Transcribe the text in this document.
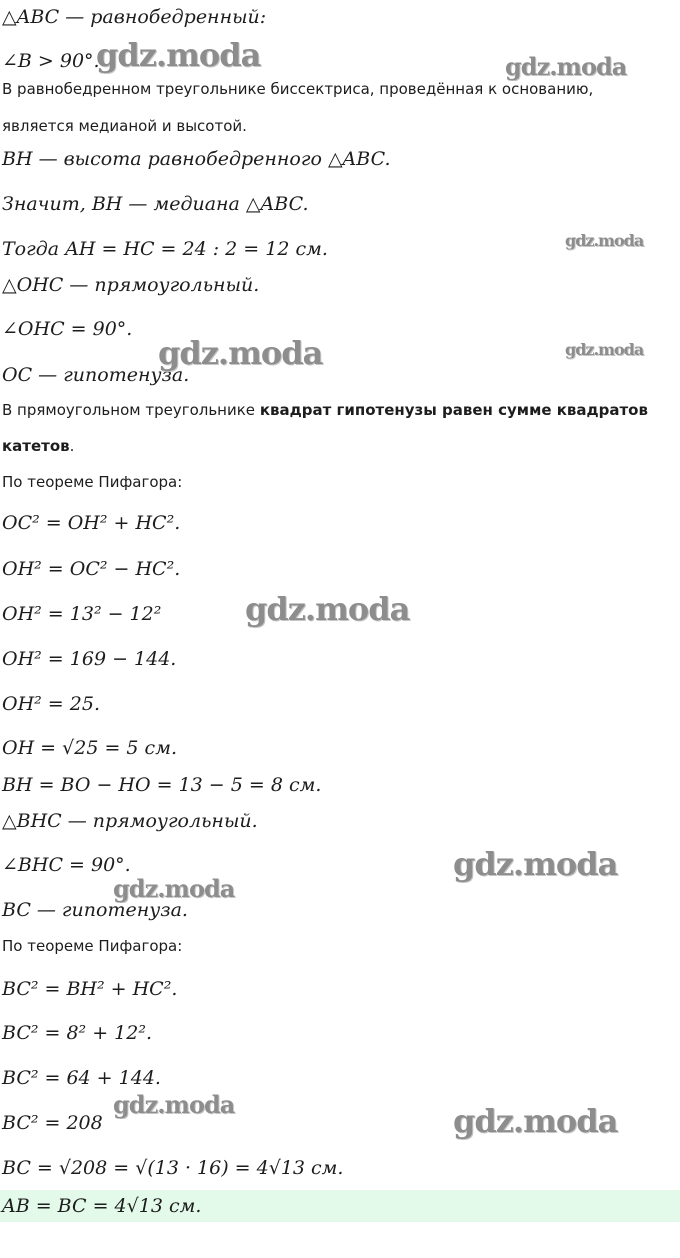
△ABC — равнобедренный:
∠B > 90°.
В равнобедренном треугольнике биссектриса, проведённая к основанию,
является медианой и высотой.
BH — высота равнобедренного △ABC.
Значит, BH — медиана △ABC.
Тогда AH = HC = 24 : 2 = 12 см.
△OHC — прямоугольный.
∠OHC = 90°.
OC — гипотенуза.
В прямоугольном треугольнике квадрат гипотенузы равен сумме квадратов
катетов.
По теореме Пифагора:
OC² = OH² + HC².
OH² = OC² − HC².
OH² = 13² − 12²
OH² = 169 − 144.
OH² = 25.
OH = √25 = 5 см.
BH = BO − HO = 13 − 5 = 8 см.
△BHC — прямоугольный.
∠BHC = 90°.
BC — гипотенуза.
По теореме Пифагора:
BC² = BH² + HC².
BC² = 8² + 12².
BC² = 64 + 144.
BC² = 208
BC = √208 = √(13 · 16) = 4√13 см.
AB = BC = 4√13 см.
gdz.moda	gdz.moda
gdz.moda
gdz.moda	gdz.moda
gdz.moda
gdz.moda
gdz.moda
gdz.moda	gdz.moda
